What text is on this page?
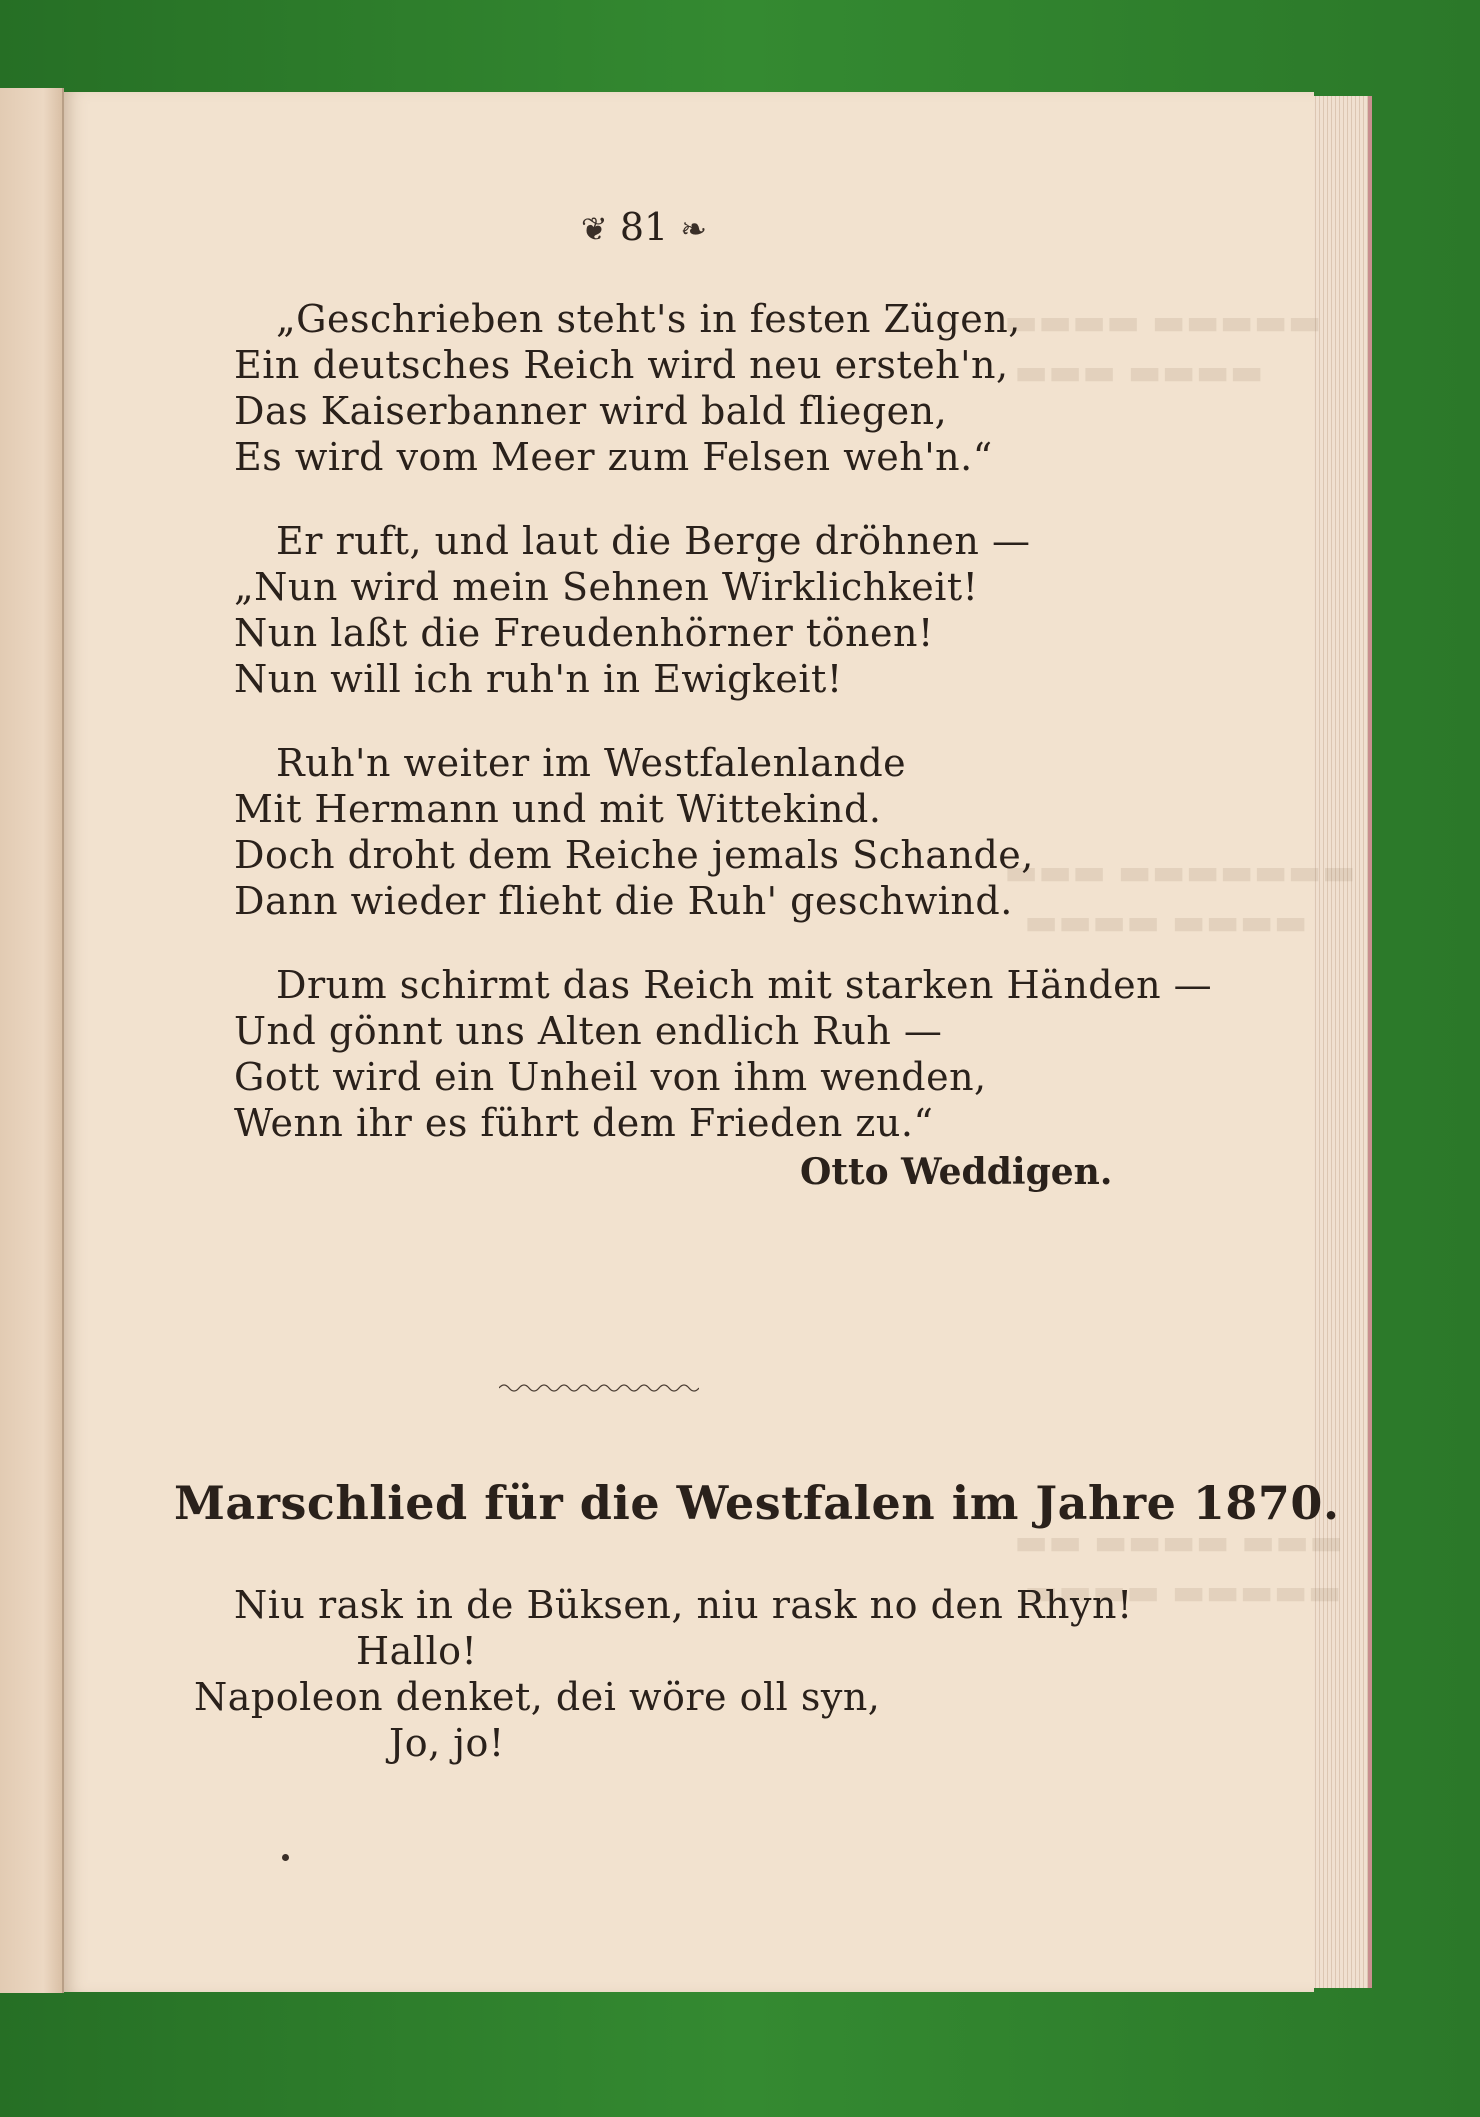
▬▬▬▬ ▬▬▬▬▬
▬▬▬ ▬▬▬▬
▬▬▬ ▬▬▬▬▬▬▬
▬▬▬▬ ▬▬▬▬
▬▬ ▬▬▬▬ ▬▬▬
▬▬▬▬ ▬▬▬▬▬
❦ 81 ❧
„Geschrieben steht's in festen Zügen,
Ein deutsches Reich wird neu ersteh'n,
Das Kaiserbanner wird bald fliegen,
Es wird vom Meer zum Felsen weh'n.“
Er ruft, und laut die Berge dröhnen —
„Nun wird mein Sehnen Wirklichkeit!
Nun laßt die Freudenhörner tönen!
Nun will ich ruh'n in Ewigkeit!
Ruh'n weiter im Westfalenlande
Mit Hermann und mit Wittekind.
Doch droht dem Reiche jemals Schande,
Dann wieder flieht die Ruh' geschwind.
Drum schirmt das Reich mit starken Händen —
Und gönnt uns Alten endlich Ruh —
Gott wird ein Unheil von ihm wenden,
Wenn ihr es führt dem Frieden zu.“
Otto Weddigen.
Marschlied für die Westfalen im Jahre 1870.
Niu rask in de Büksen, niu rask no den Rhyn!
Hallo!
Napoleon denket, dei wöre oll syn,
Jo, jo!
